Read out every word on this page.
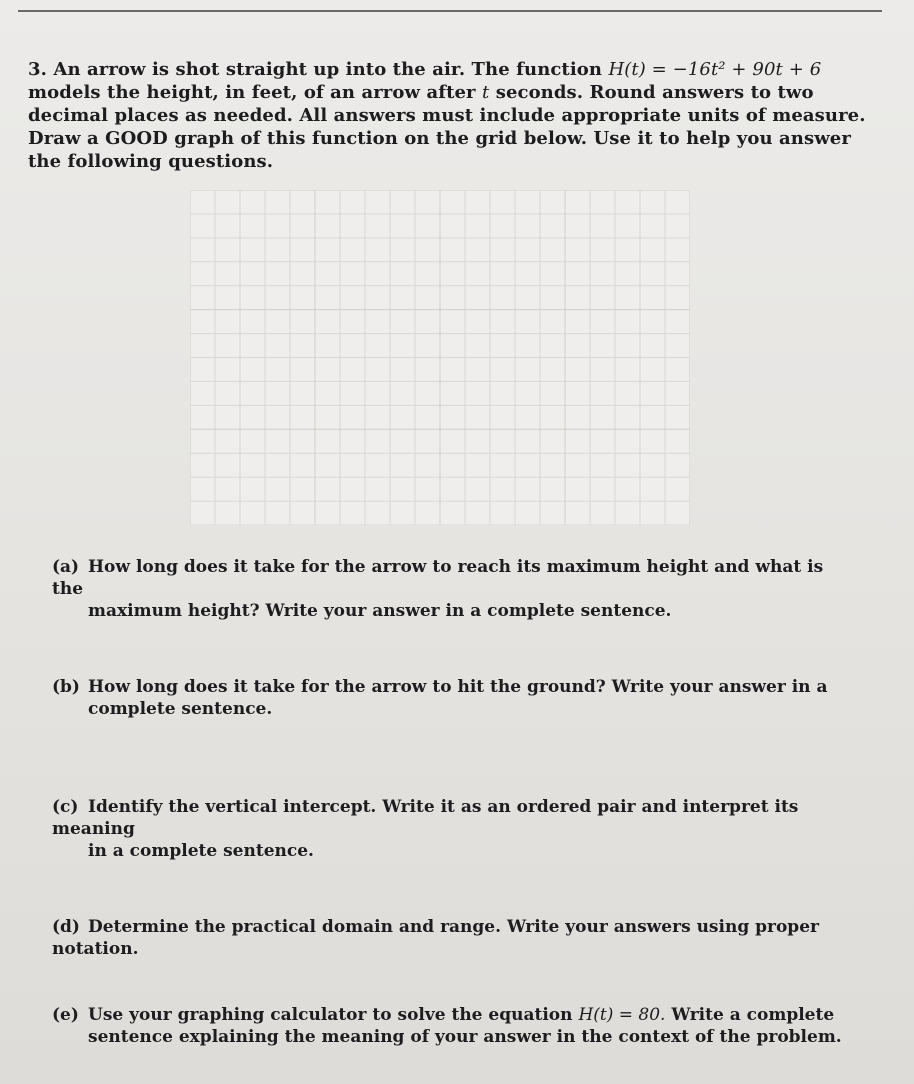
3. An arrow is shot straight up into the air. The function H(t) = −16t² + 90t + 6 models the height, in feet, of an arrow after t seconds. Round answers to two decimal places as needed. All answers must include appropriate units of measure. Draw a GOOD graph of this function on the grid below. Use it to help you answer the following questions.

(a) How long does it take for the arrow to reach its maximum height and what is the
maximum height? Write your answer in a complete sentence.
(b) How long does it take for the arrow to hit the ground? Write your answer in a
complete sentence.
(c) Identify the vertical intercept. Write it as an ordered pair and interpret its meaning
in a complete sentence.
(d) Determine the practical domain and range. Write your answers using proper notation.
(e) Use your graphing calculator to solve the equation H(t) = 80. Write a complete
sentence explaining the meaning of your answer in the context of the problem.
